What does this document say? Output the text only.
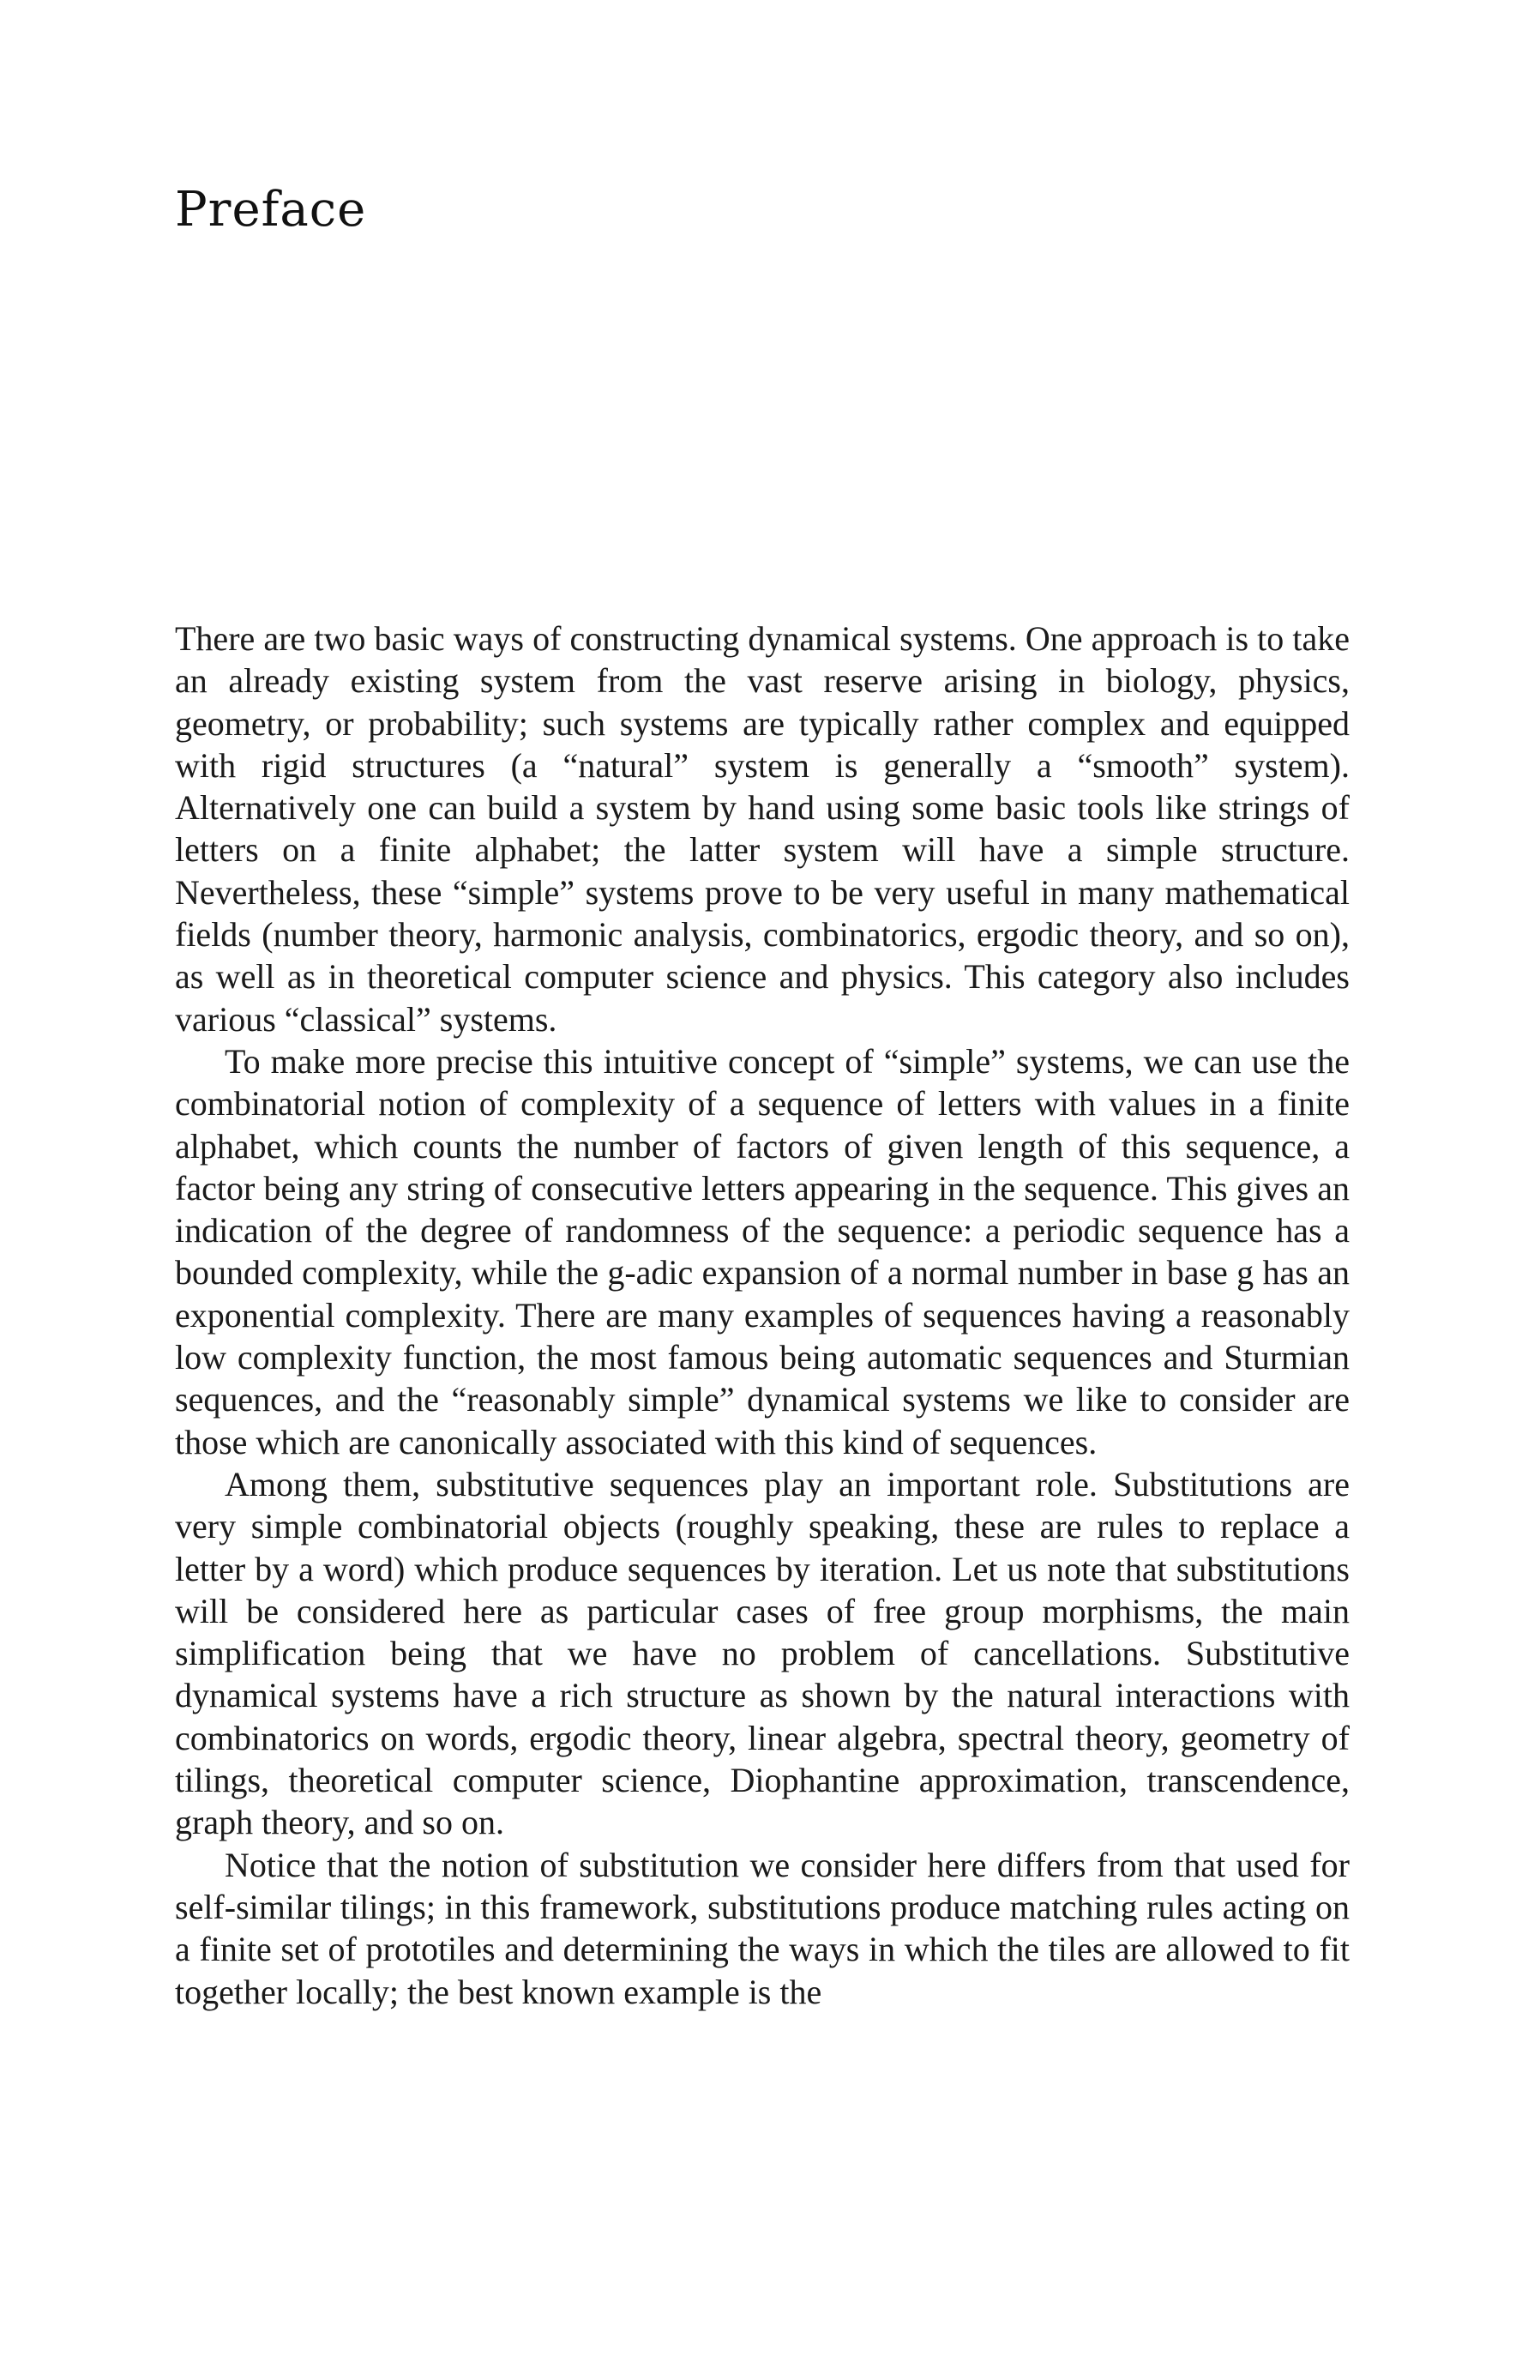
Preface

There are two basic ways of constructing dynamical systems. One approach is to take an already existing system from the vast reserve arising in biology, physics, geometry, or probability; such systems are typically rather complex and equipped with rigid structures (a “natural” system is generally a “smooth” system). Alternatively one can build a system by hand using some basic tools like strings of letters on a finite alphabet; the latter system will have a simple structure. Nevertheless, these “simple” systems prove to be very useful in many mathematical fields (number theory, harmonic analysis, combinatorics, ergodic theory, and so on), as well as in theoretical computer science and physics. This category also includes various “classical” systems.

To make more precise this intuitive concept of “simple” systems, we can use the combinatorial notion of complexity of a sequence of letters with values in a finite alphabet, which counts the number of factors of given length of this sequence, a factor being any string of consecutive letters appearing in the sequence. This gives an indication of the degree of randomness of the sequence: a periodic sequence has a bounded complexity, while the g-adic expansion of a normal number in base g has an exponential complexity. There are many examples of sequences having a reasonably low complexity function, the most famous being automatic sequences and Sturmian sequences, and the “reasonably simple” dynamical systems we like to consider are those which are canonically associated with this kind of sequences.

Among them, substitutive sequences play an important role. Substitutions are very simple combinatorial objects (roughly speaking, these are rules to replace a letter by a word) which produce sequences by iteration. Let us note that substitutions will be considered here as particular cases of free group morphisms, the main simplification being that we have no problem of cancellations. Substitutive dynamical systems have a rich structure as shown by the natural interactions with combinatorics on words, ergodic theory, linear algebra, spectral theory, geometry of tilings, theoretical computer science, Diophantine approximation, transcendence, graph theory, and so on.

Notice that the notion of substitution we consider here differs from that used for self-similar tilings; in this framework, substitutions produce matching rules acting on a finite set of prototiles and determining the ways in which the tiles are allowed to fit together locally; the best known example is the
